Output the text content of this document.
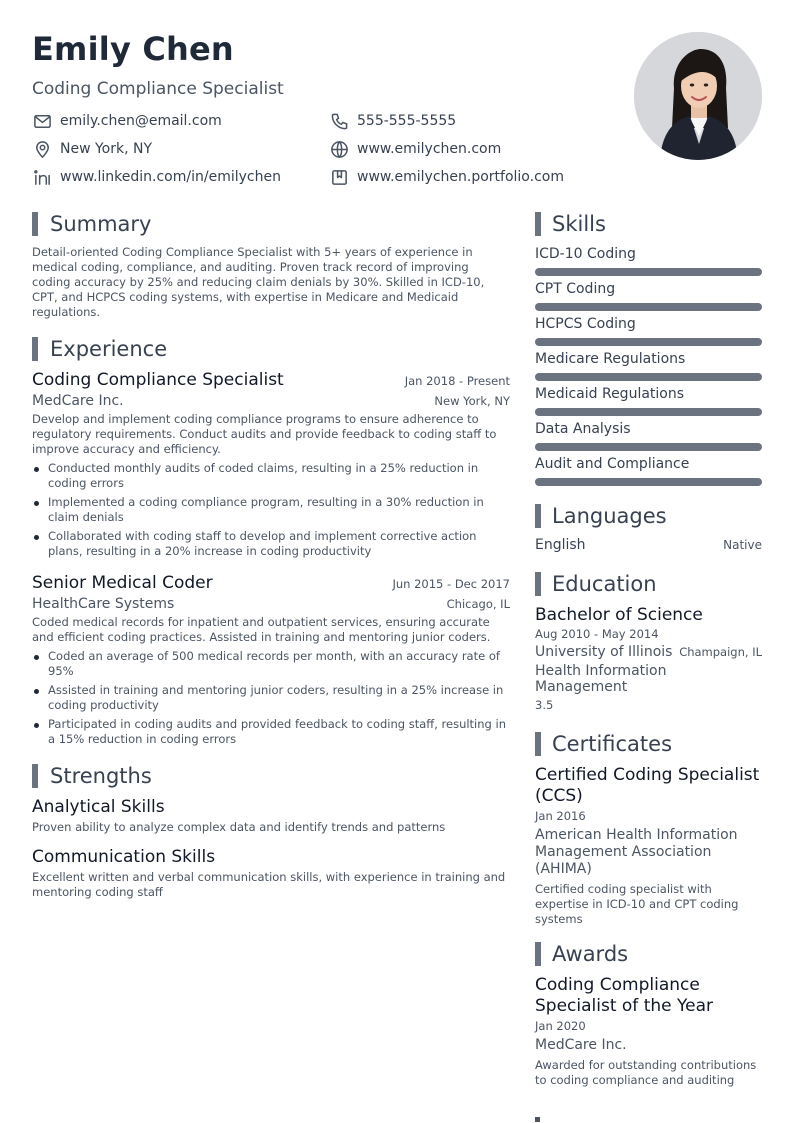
Emily Chen
Coding Compliance Specialist
emily.chen@email.com	555-555-5555
New York, NY	www.emilychen.com
www.linkedin.com/in/emilychen	www.emilychen.portfolio.com
Summary

Detail-oriented Coding Compliance Specialist with 5+ years of experience in medical coding, compliance, and auditing. Proven track record of improving coding accuracy by 25% and reducing claim denials by 30%. Skilled in ICD-10, CPT, and HCPCS coding systems, with expertise in Medicare and Medicaid regulations.

Experience
Coding Compliance Specialist	Jan 2018 - Present
MedCare Inc.	New York, NY

Develop and implement coding compliance programs to ensure adherence to regulatory requirements. Conduct audits and provide feedback to coding staff to improve accuracy and efficiency.

Conducted monthly audits of coded claims, resulting in a 25% reduction in coding errors
Implemented a coding compliance program, resulting in a 30% reduction in claim denials
Collaborated with coding staff to develop and implement corrective action plans, resulting in a 20% increase in coding productivity
Senior Medical Coder	Jun 2015 - Dec 2017
HealthCare Systems	Chicago, IL

Coded medical records for inpatient and outpatient services, ensuring accurate and efficient coding practices. Assisted in training and mentoring junior coders.

Coded an average of 500 medical records per month, with an accuracy rate of 95%
Assisted in training and mentoring junior coders, resulting in a 25% increase in coding productivity
Participated in coding audits and provided feedback to coding staff, resulting in a 15% reduction in coding errors
Strengths
Analytical Skills

Proven ability to analyze complex data and identify trends and patterns

Communication Skills

Excellent written and verbal communication skills, with experience in training and mentoring coding staff

Skills
ICD-10 Coding
CPT Coding
HCPCS Coding
Medicare Regulations
Medicaid Regulations
Data Analysis
Audit and Compliance
Languages
English	Native
Education
Bachelor of Science
Aug 2010 - May 2014
University of Illinois Champaign, IL
Health Information Management
3.5
Certificates
Certified Coding Specialist (CCS)
Jan 2016
American Health Information Management Association (AHIMA)

Certified coding specialist with expertise in ICD-10 and CPT coding systems

Awards
Coding Compliance Specialist of the Year
Jan 2020
MedCare Inc.

Awarded for outstanding contributions to coding compliance and auditing
